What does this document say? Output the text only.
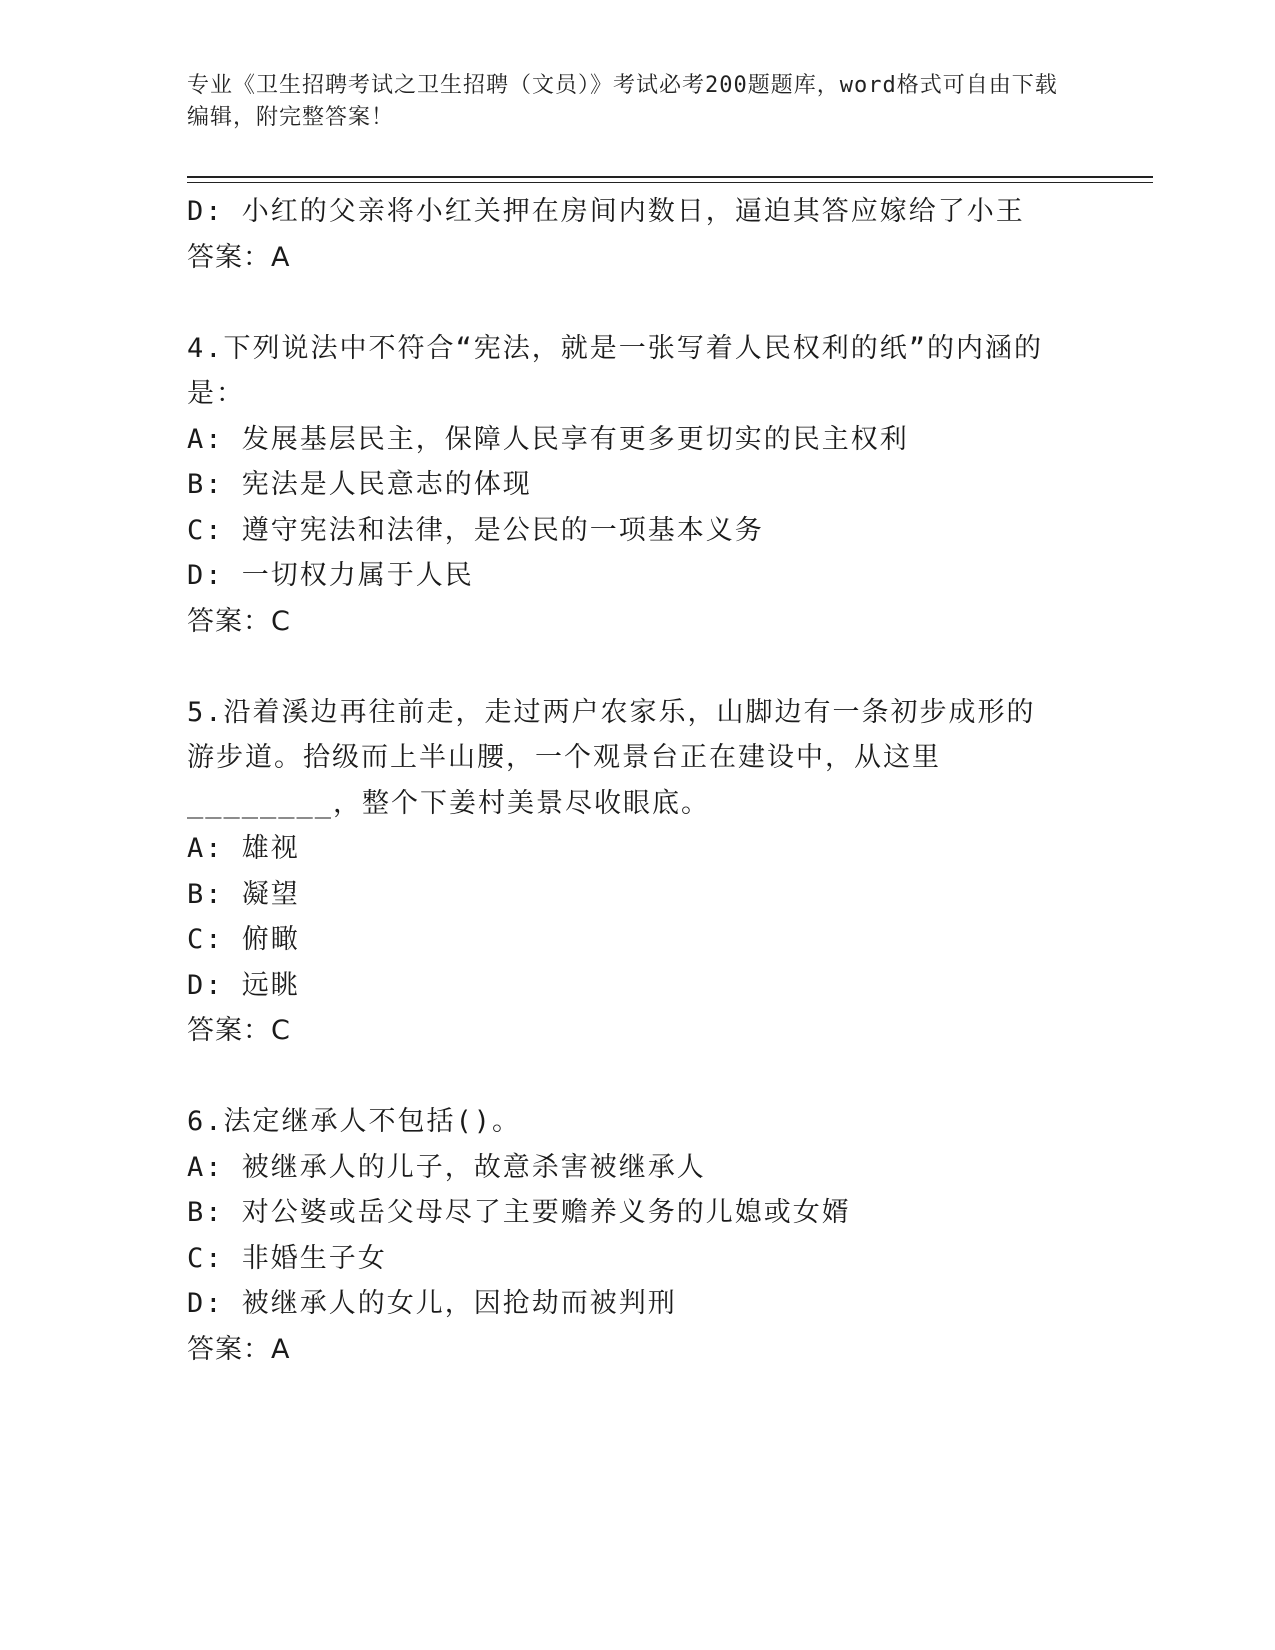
专业《卫生招聘考试之卫生招聘（文员）》考试必考200题题库，word格式可自由下载编辑，附完整答案！
D: 小红的父亲将小红关押在房间内数日，逼迫其答应嫁给了小王
答案：A
4.下列说法中不符合“宪法，就是一张写着人民权利的纸”的内涵的是：
A: 发展基层民主，保障人民享有更多更切实的民主权利
B: 宪法是人民意志的体现
C: 遵守宪法和法律，是公民的一项基本义务
D: 一切权力属于人民
答案：C
5.沿着溪边再往前走，走过两户农家乐，山脚边有一条初步成形的游步道。拾级而上半山腰，一个观景台正在建设中，从这里________，整个下姜村美景尽收眼底。
A: 雄视
B: 凝望
C: 俯瞰
D: 远眺
答案：C
6.法定继承人不包括()。
A: 被继承人的儿子，故意杀害被继承人
B: 对公婆或岳父母尽了主要赡养义务的儿媳或女婿
C: 非婚生子女
D: 被继承人的女儿，因抢劫而被判刑
答案：A
